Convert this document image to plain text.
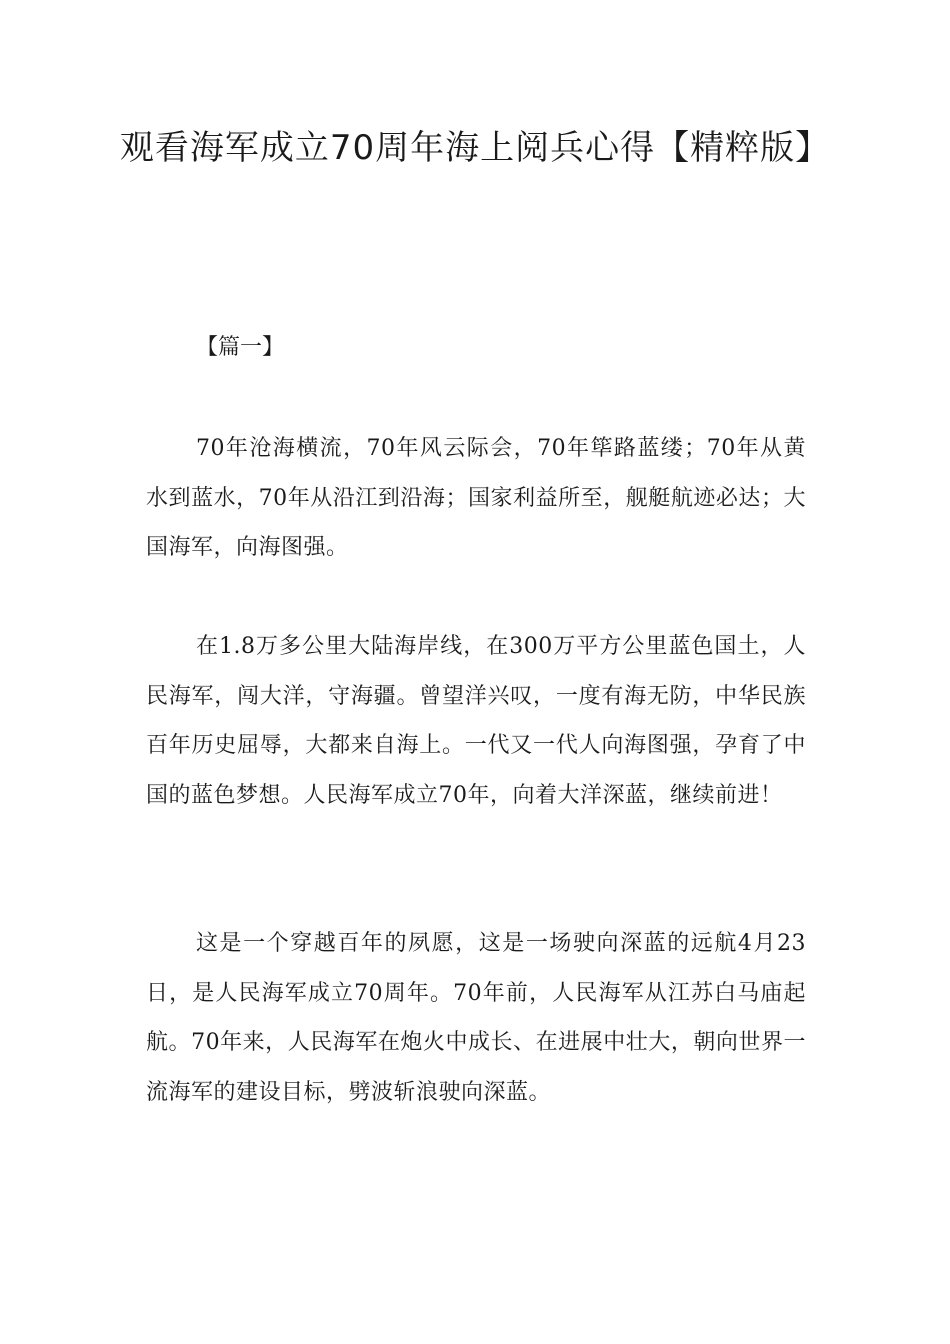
观看海军成立70周年海上阅兵心得【精粹版】

【篇一】

70年沧海横流，70年风云际会，70年筚路蓝缕；70年从黄水到蓝水，70年从沿江到沿海；国家利益所至，舰艇航迹必达；大国海军，向海图强。

在1.8万多公里大陆海岸线，在300万平方公里蓝色国土，人民海军，闯大洋，守海疆。曾望洋兴叹，一度有海无防，中华民族百年历史屈辱，大都来自海上。一代又一代人向海图强，孕育了中国的蓝色梦想。人民海军成立70年，向着大洋深蓝，继续前进！

这是一个穿越百年的夙愿，这是一场驶向深蓝的远航4月23日，是人民海军成立70周年。70年前，人民海军从江苏白马庙起航。70年来，人民海军在炮火中成长、在进展中壮大，朝向世界一流海军的建设目标，劈波斩浪驶向深蓝。
